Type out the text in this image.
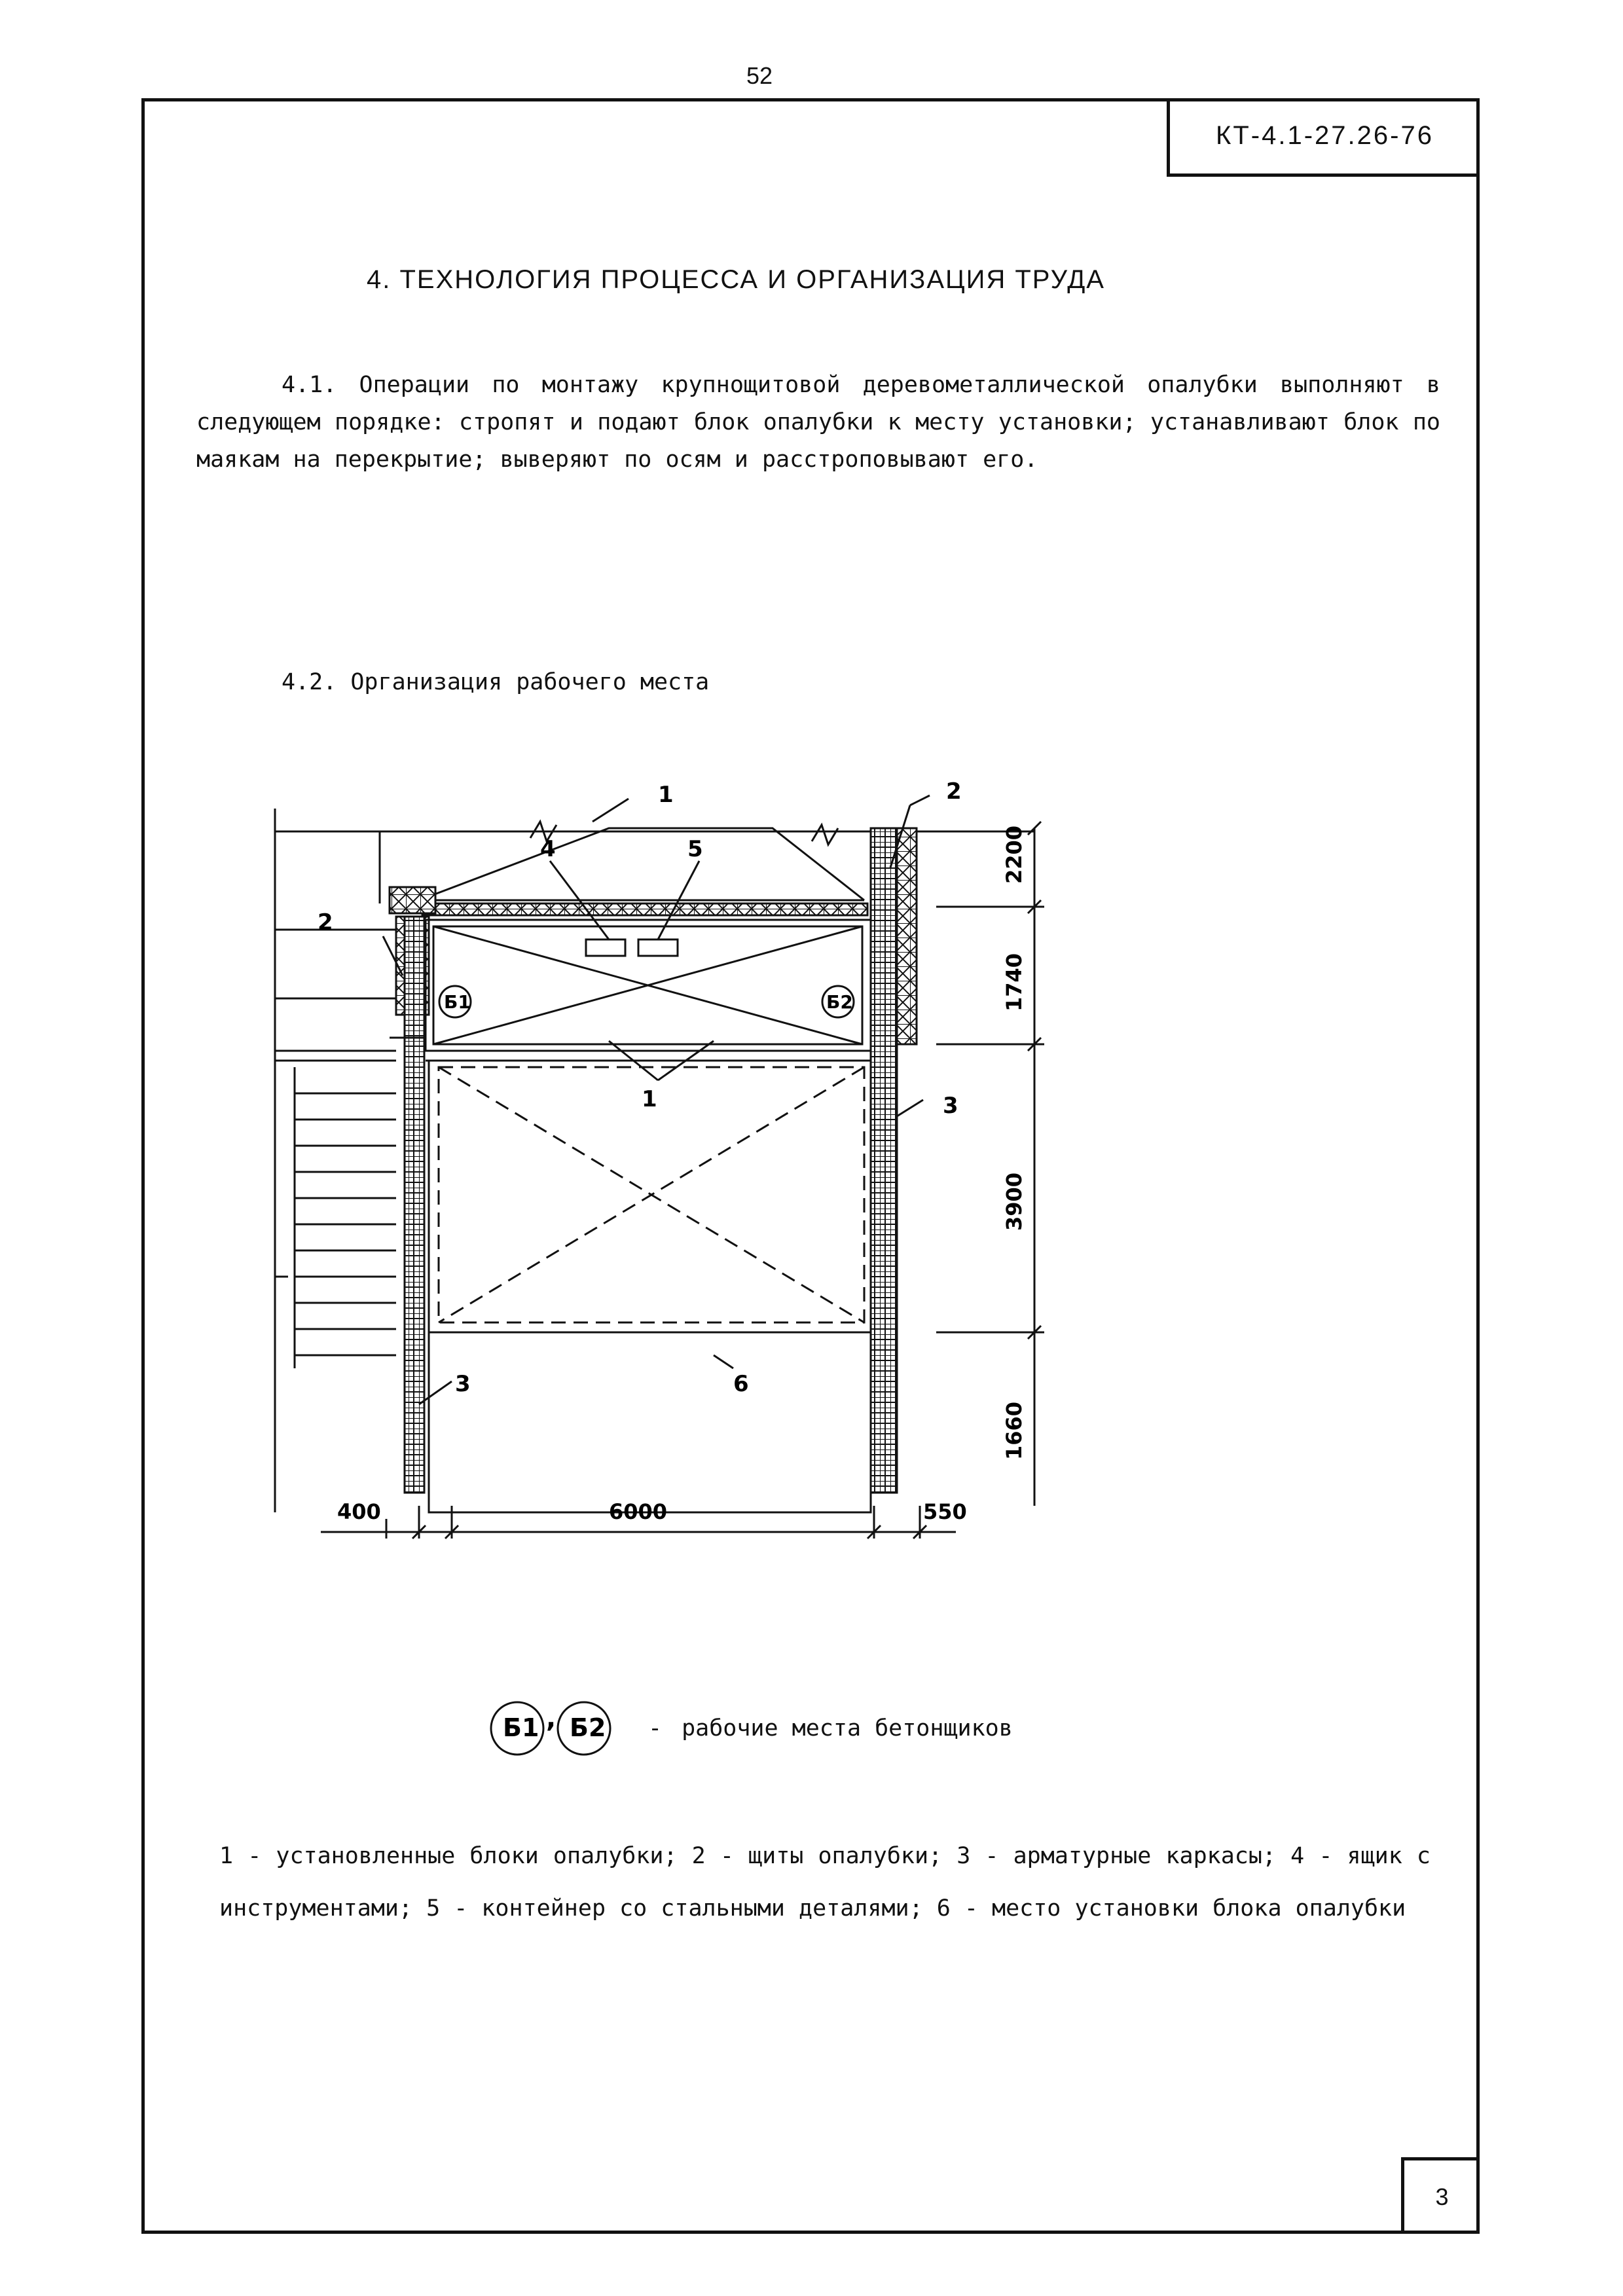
52
КТ-4.1-27.26-76
3
4. ТЕХНОЛОГИЯ ПРОЦЕССА И ОРГАНИЗАЦИЯ ТРУДА
4.1. Операции по монтажу крупнощитовой деревометаллической опалубки выполняют в следующем порядке: стропят и подают блок опалубки к месту установки; устанавливают блок по маякам на перекрытие; выверяют по осям и расстроповывают его.
4.2. Организация рабочего места
Б1	Б2
1	2
4	5
2
1	3
3	6
2200
1740
3900
1660
400	6000	550
Б1 Б2
,	- рабочие места бетонщиков
1 - установленные блоки опалубки; 2 - щиты опалубки; 3 - арматурные каркасы; 4 - ящик с инструментами; 5 - контейнер со стальными деталями; 6 - место установки блока опалубки
